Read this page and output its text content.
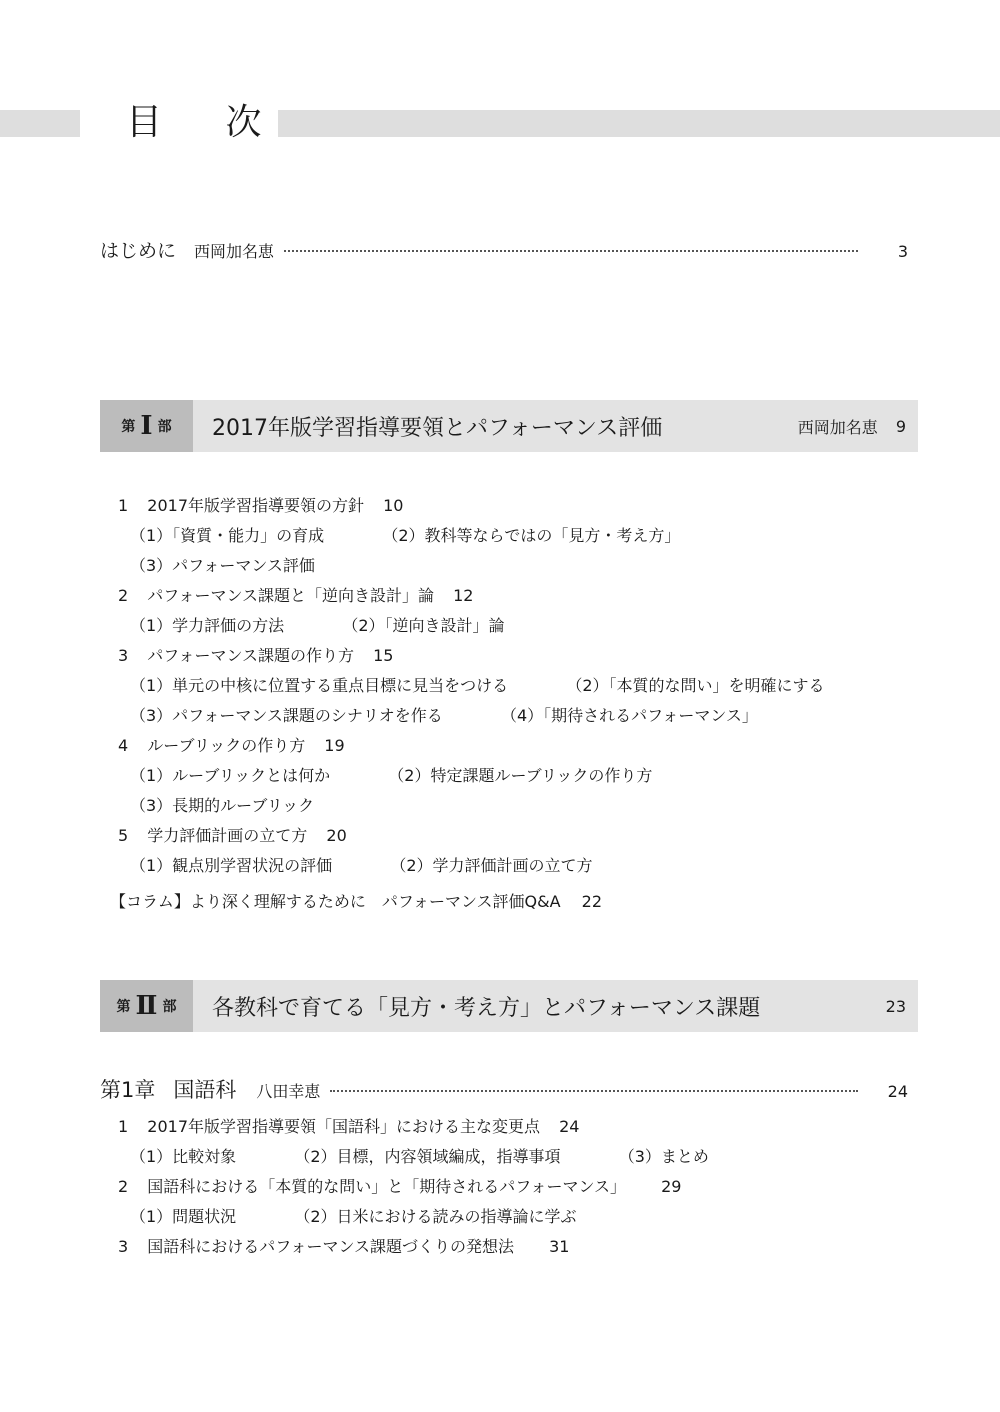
目 次
はじめに 西岡加名恵	3
第 Ⅰ 部 2017年版学習指導要領とパフォーマンス評価	西岡加名恵 9
1 2017年版学習指導要領の方針 10
（1）「資質・能力」の育成	（2）教科等ならではの「見方・考え方」
（3）パフォーマンス評価
2 パフォーマンス課題と「逆向き設計」論 12
（1）学力評価の方法	（2）「逆向き設計」論
3 パフォーマンス課題の作り方 15
（1）単元の中核に位置する重点目標に見当をつける	（2）「本質的な問い」を明確にする
（3）パフォーマンス課題のシナリオを作る	（4）「期待されるパフォーマンス」
4 ルーブリックの作り方 19
（1）ルーブリックとは何か	（2）特定課題ルーブリックの作り方
（3）長期的ルーブリック
5 学力評価計画の立て方 20
（1）観点別学習状況の評価	（2）学力評価計画の立て方
【コラム】より深く理解するために　パフォーマンス評価Q&A 22
第 Ⅱ 部 各教科で育てる「見方・考え方」とパフォーマンス課題	23
第1章 国語科 八田幸恵	24
1 2017年版学習指導要領「国語科」における主な変更点 24
（1）比較対象	（2）目標，内容領域編成，指導事項	（3）まとめ
2 国語科における「本質的な問い」と「期待されるパフォーマンス」 29
（1）問題状況	（2）日米における読みの指導論に学ぶ
3 国語科におけるパフォーマンス課題づくりの発想法 31
